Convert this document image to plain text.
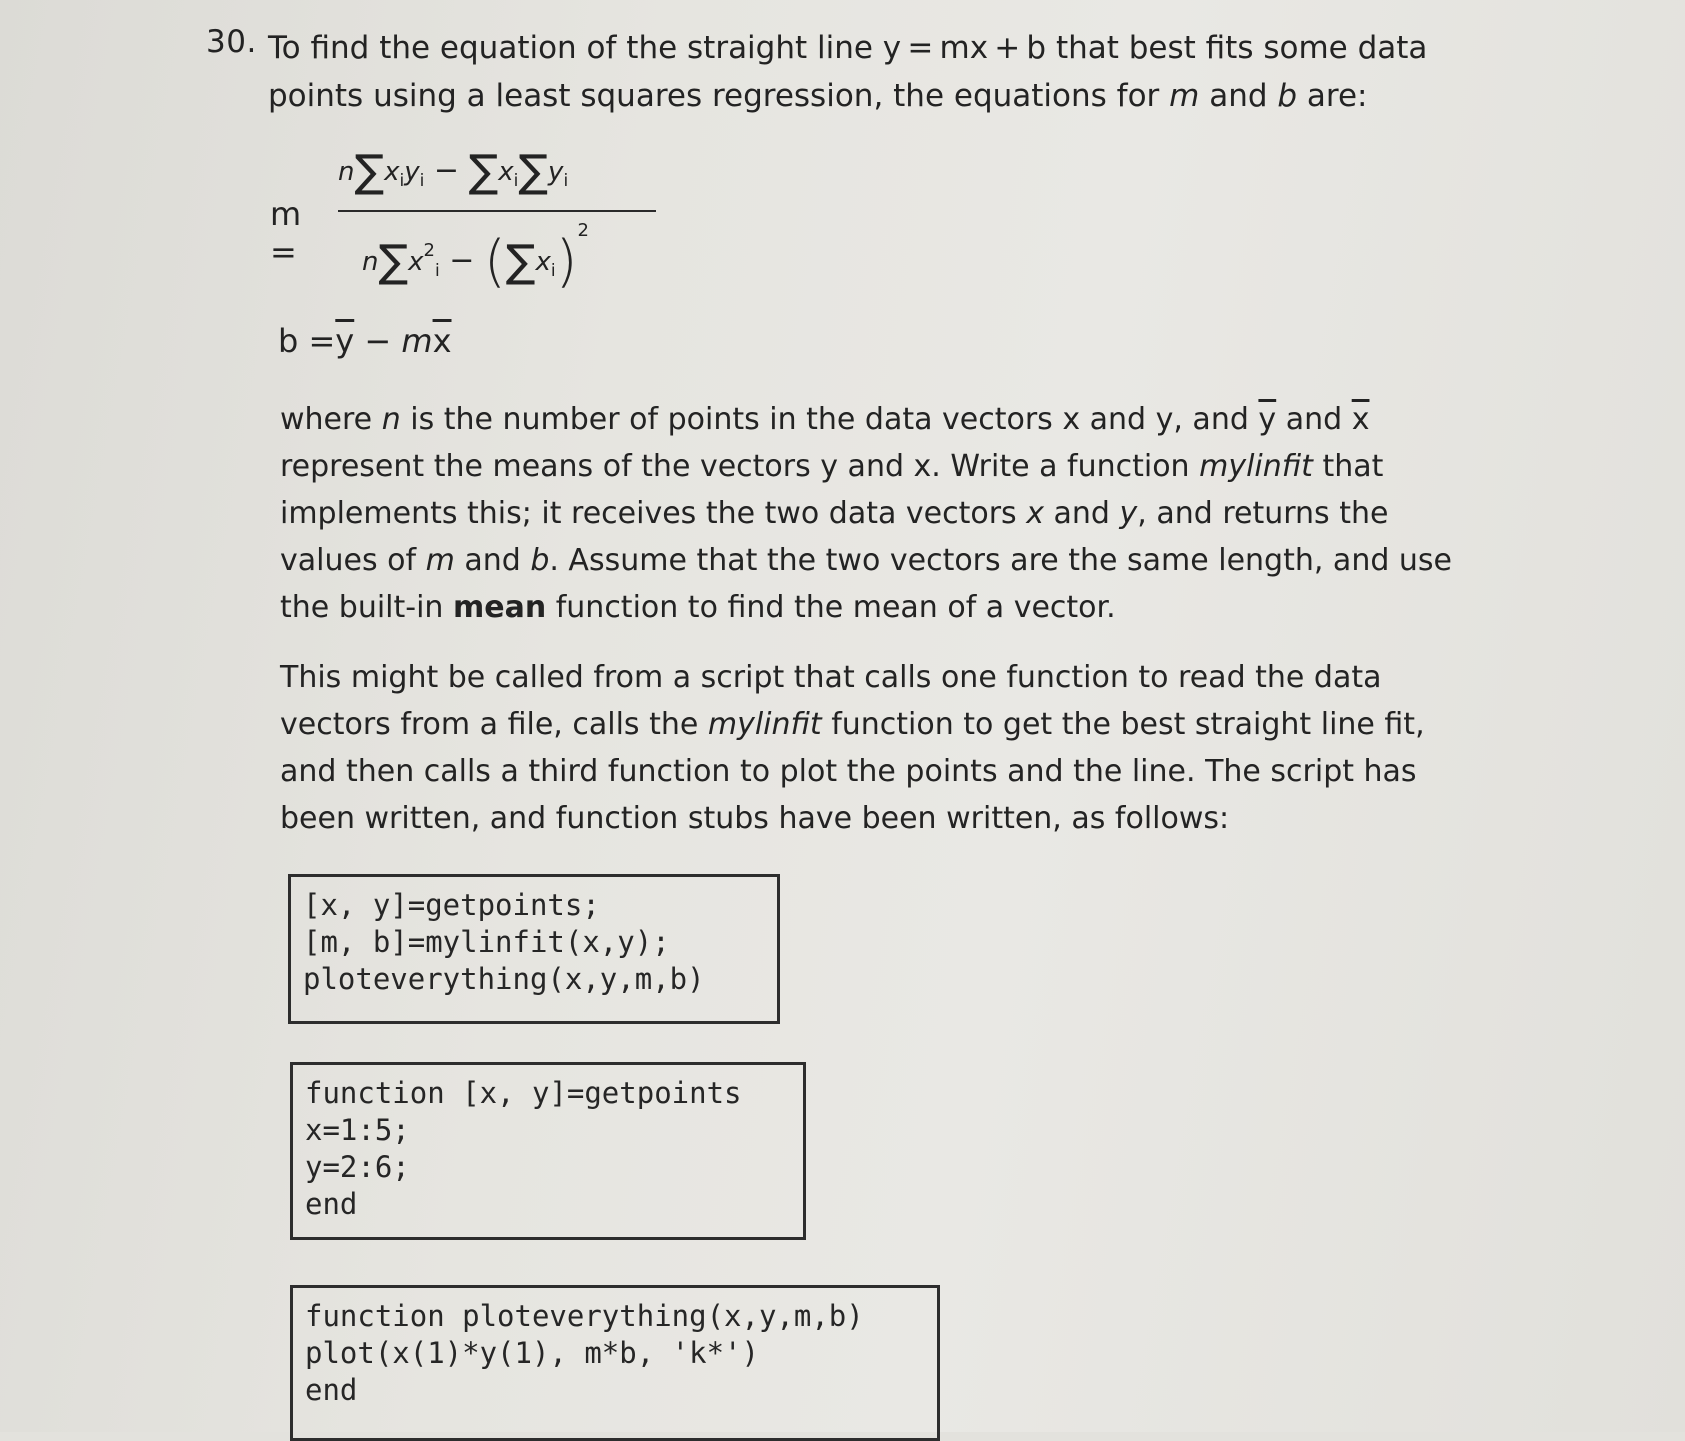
30. To find the equation of the straight line y = mx + b that best fits some data points using a least squares regression, the equations for m and b are:
m =
$n\sum x_iy_i - \sum x_i\sum y_i$
$n\sum x^2_i - (\sum x_i)^2$
$b =\overline{y} - m\overline{x}$
where n is the number of points in the data vectors x and y, and $\overline{y}$ and $\overline{x}$ represent the means of the vectors y and x. Write a function mylinfit that implements this; it receives the two data vectors x and y, and returns the values of m and b. Assume that the two vectors are the same length, and use the built-in mean function to find the mean of a vector.
This might be called from a script that calls one function to read the data vectors from a file, calls the mylinfit function to get the best straight line fit, and then calls a third function to plot the points and the line. The script has been written, and function stubs have been written, as follows:
[x, y]=getpoints;
[m, b]=mylinfit(x,y);
ploteverything(x,y,m,b)
function [x, y]=getpoints
x=1:5;
y=2:6;
end
function ploteverything(x,y,m,b)
plot(x(1)*y(1), m*b, 'k*')
end
